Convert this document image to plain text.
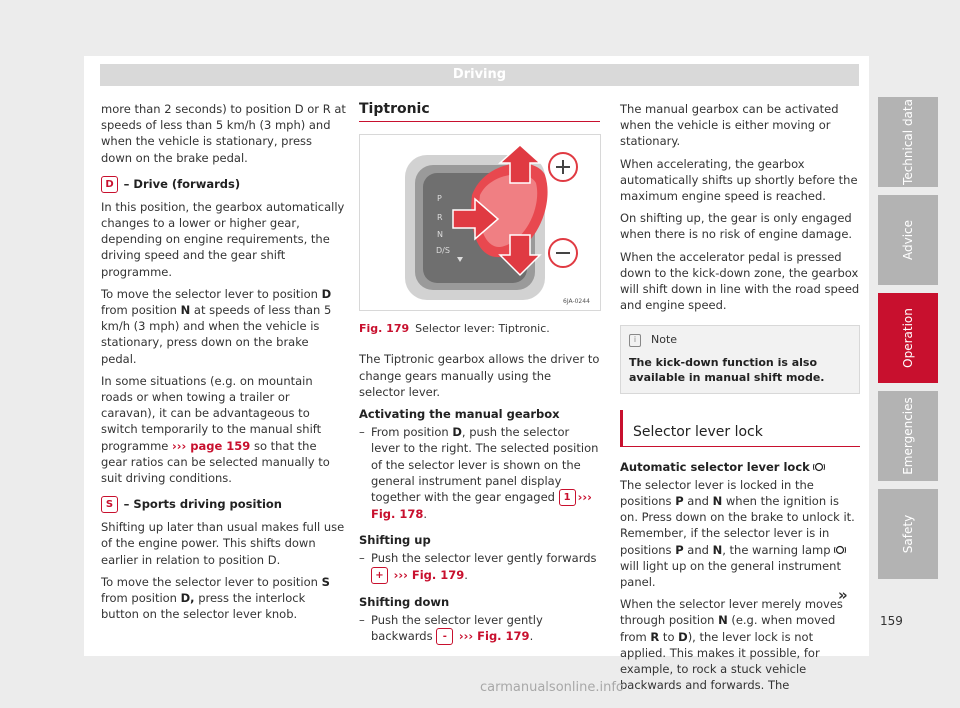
Driving

more than 2 seconds) to position D or R at speeds of less than 5 km/h (3 mph) and when the vehicle is stationary, press down on the brake pedal.

D – Drive (forwards)

In this position, the gearbox automatically changes to a lower or higher gear, depending on engine requirements, the driving speed and the gear shift programme.

To move the selector lever to position D from position N at speeds of less than 5 km/h (3 mph) and when the vehicle is stationary, press down on the brake pedal.

In some situations (e.g. on mountain roads or when towing a trailer or caravan), it can be advantageous to switch temporarily to the manual shift programme ››› page 159 so that the gear ratios can be selected manually to suit driving conditions.

S – Sports driving position

Shifting up later than usual makes full use of the engine power. This shifts down earlier in relation to position D.

To move the selector lever to position S from position D, press the interlock button on the selector lever knob.

Tiptronic
P
R
N
D/S
6JA-0244
Fig. 179 Selector lever: Tiptronic.

The Tiptronic gearbox allows the driver to change gears manually using the selector lever.

Activating the manual gearbox

– From position D, push the selector lever to the right. The selected position of the selector lever is shown on the general instrument panel display together with the gear engaged 1 ››› Fig. 178.

Shifting up

– Push the selector lever gently forwards + ››› Fig. 179.

Shifting down

– Push the selector lever gently backwards - ››› Fig. 179.

The manual gearbox can be activated when the vehicle is either moving or stationary.

When accelerating, the gearbox automatically shifts up shortly before the maximum engine speed is reached.

On shifting up, the gear is only engaged when there is no risk of engine damage.

When the accelerator pedal is pressed down to the kick-down zone, the gearbox will shift down in line with the road speed and engine speed.

i	Note
The kick-down function is also available in manual shift mode.
Selector lever lock

Automatic selector lever lock

The selector lever is locked in the positions P and N when the ignition is on. Press down on the brake to unlock it. Remember, if the selector lever is in positions P and N, the warning lamp  will light up on the general instrument panel.

When the selector lever merely moves through position N (e.g. when moved from R to D), the lever lock is not applied. This makes it possible, for example, to rock a stuck vehicle backwards and forwards. The

»
Technical data
Advice
Operation
Emergencies
Safety
159
carmanualsonline.info
